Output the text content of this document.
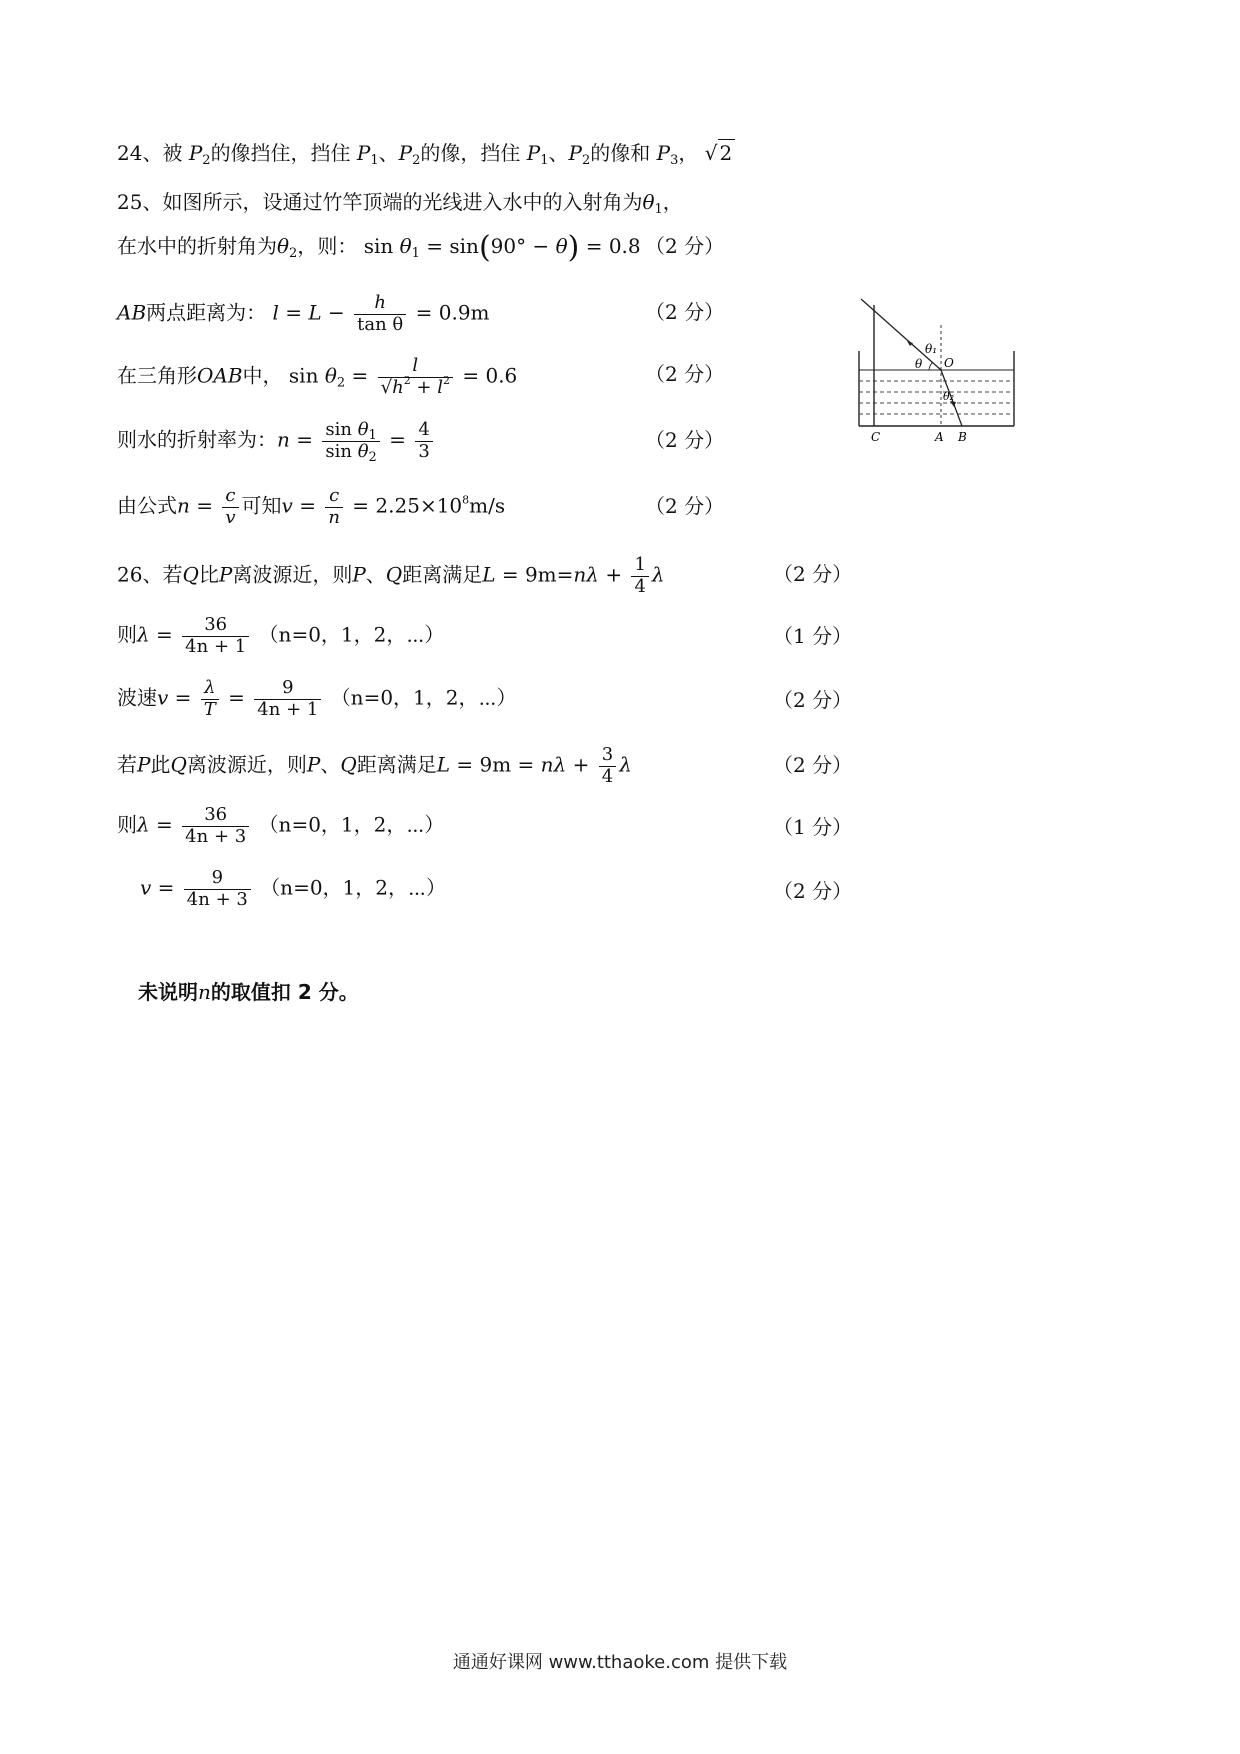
24、被 $P_2$的像挡住，挡住 $P_1$、$P_2$的像，挡住 $P_1$、$P_2$的像和 $P_3$， √ 2
25、如图所示，设通过竹竿顶端的光线进入水中的入射角为$\theta_1$，
在水中的折射角为$\theta_2$，则： $\sin \theta_1 = \sin(90^\circ - \theta) = 0.8$ （2 分）
AB两点距离为： $l = L - \frac{h}{\text{tan θ}} = 0.9m$	（2 分）
在三角形OAB中， $\sin \theta_2 = \frac{l}{√h^2 + l^2} = 0.6$	（2 分）
则水的折射率为：$n = \frac{\sin \theta_1}{\sin \theta_2} = \frac{4}{3}$	（2 分）
由公式$n = \frac{c}{v}$ 可知$v = \frac{c}{n} = 2.25\times 10^8m/s$	（2 分）
θ₁
θ O
θ₂
C	A B
26、若Q比P离波源近，则P、Q距离满足$L = 9m=n\lambda + \frac{1}{4}$ λ	（2 分）
则$\lambda = \frac{36}{4n + 1} (n=0$，1，2，⋯）	（1 分）
波速$v = \frac{\lambda}{T} = \frac{9}{4n + 1} (n=0$，1，2，⋯）	（2 分）
若P此Q离波源近，则P、Q距离满足$L = 9m = n\lambda + \frac{3}{4}$ λ	（2 分）
则$\lambda = \frac{36}{4n + 3} (n=0$，1，2，⋯）	（1 分）
$v = \frac{9}{4n + 3} (n=0$，1，2，⋯）	（2 分）
未说明n的取值扣 2 分。
通通好课网 www.tthaoke.com 提供下载
